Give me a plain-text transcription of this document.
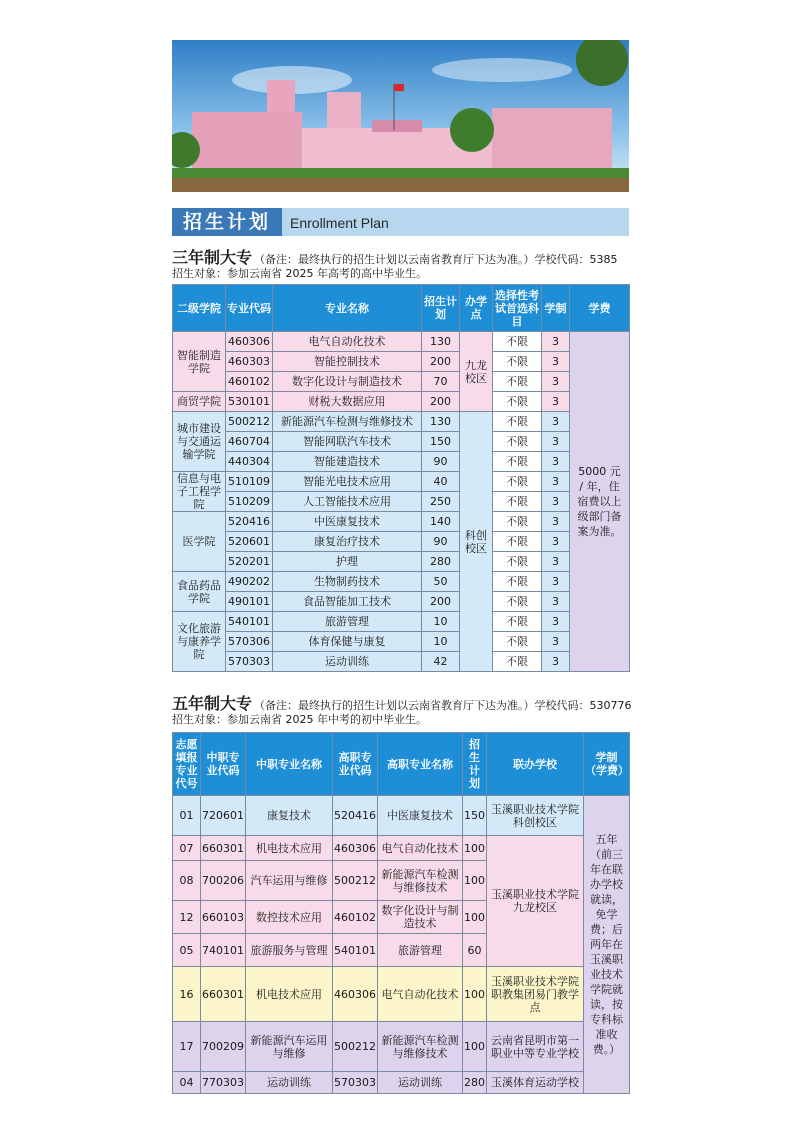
招生计划	Enrollment Plan
三年制大专 （备注：最终执行的招生计划以云南省教育厅下达为准。）学校代码：5385
招生对象：参加云南省 2025 年高考的高中毕业生。
二级学院	专业代码	专业名称	招生计划	办学点	选择性考试首选科目	学制	学费
智能制造学院	460306	电气自动化技术	130	九龙校区	不限	3	5000 元 / 年，住宿费以上级部门备案为准。
	460303	智能控制技术	200		不限	3	
	460102	数字化设计与制造技术	70		不限	3	
商贸学院	530101	财税大数据应用	200		不限	3	
城市建设与交通运输学院	500212	新能源汽车检测与维修技术	130	科创校区	不限	3	
	460704	智能网联汽车技术	150		不限	3	
	440304	智能建造技术	90		不限	3	
信息与电子工程学院	510109	智能光电技术应用	40		不限	3	
	510209	人工智能技术应用	250		不限	3	
医学院	520416	中医康复技术	140		不限	3	
	520601	康复治疗技术	90		不限	3	
	520201	护理	280		不限	3	
食品药品学院	490202	生物制药技术	50		不限	3	
	490101	食品智能加工技术	200		不限	3	
文化旅游与康养学院	540101	旅游管理	10		不限	3	
	570306	体育保健与康复	10		不限	3	
	570303	运动训练	42		不限	3	
五年制大专 （备注：最终执行的招生计划以云南省教育厅下达为准。）学校代码：530776
招生对象：参加云南省 2025 年中考的初中毕业生。
志愿填报专业代号	中职专业代码	中职专业名称	高职专业代码	高职专业名称	招生计划	联办学校	学制（学费）
01	720601	康复技术	520416	中医康复技术	150	玉溪职业技术学院科创校区	五年（前三年在联办学校就读，免学费；后两年在玉溪职业技术学院就读，按专科标准收费。）
07	660301	机电技术应用	460306	电气自动化技术	100	玉溪职业技术学院九龙校区	
08	700206	汽车运用与维修	500212	新能源汽车检测与维修技术	100		
12	660103	数控技术应用	460102	数字化设计与制造技术	100		
05	740101	旅游服务与管理	540101	旅游管理	60		
16	660301	机电技术应用	460306	电气自动化技术	100	玉溪职业技术学院职教集团易门教学点	
17	700209	新能源汽车运用与维修	500212	新能源汽车检测与维修技术	100	云南省昆明市第一职业中等专业学校	
04	770303	运动训练	570303	运动训练	280	玉溪体育运动学校	
